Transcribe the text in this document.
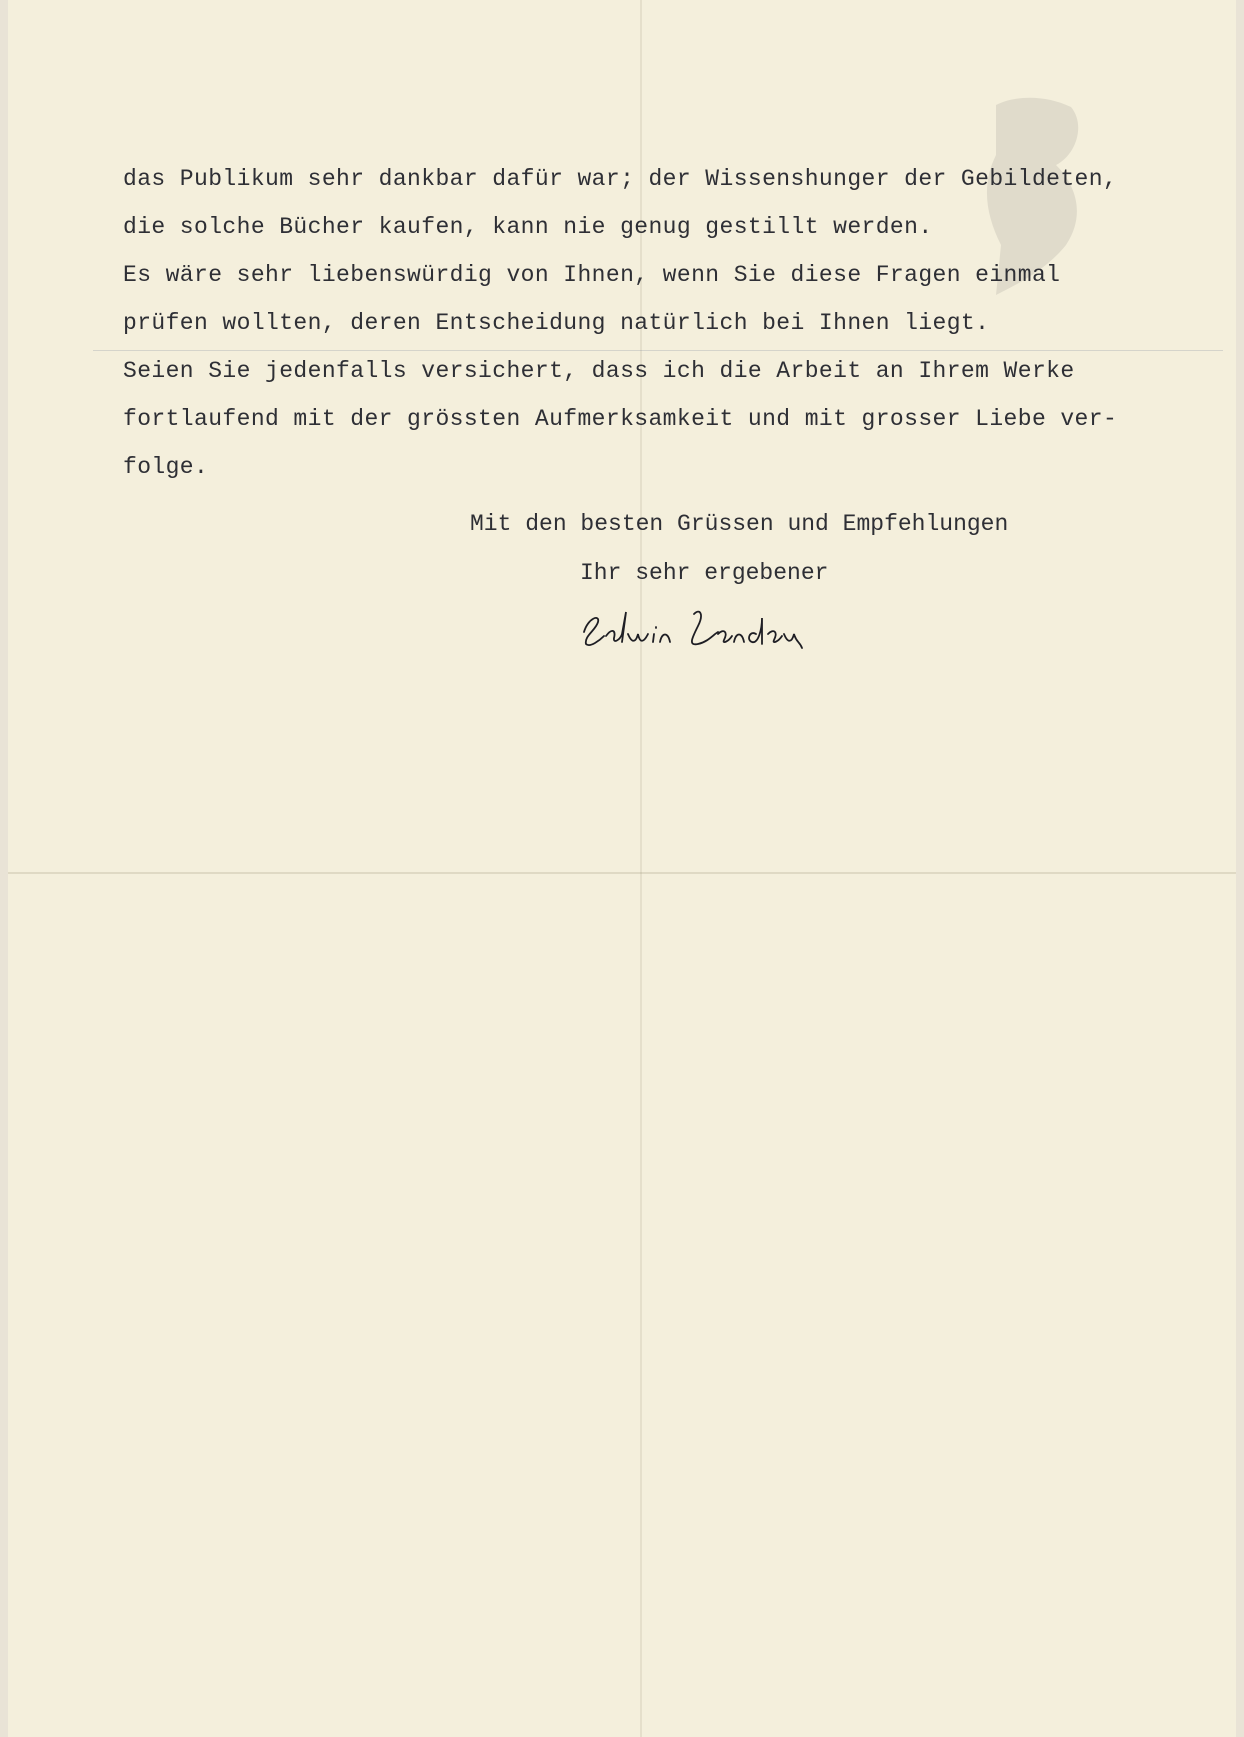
das Publikum sehr dankbar dafür war; der Wissenshunger der Gebildeten,
die solche Bücher kaufen, kann nie genug gestillt werden.
Es wäre sehr liebenswürdig von Ihnen, wenn Sie diese Fragen einmal
prüfen wollten, deren Entscheidung natürlich bei Ihnen liegt.
Seien Sie jedenfalls versichert, dass ich die Arbeit an Ihrem Werke
fortlaufend mit der grössten Aufmerksamkeit und mit grosser Liebe ver-
folge.
Mit den besten Grüssen und Empfehlungen
Ihr sehr ergebener
